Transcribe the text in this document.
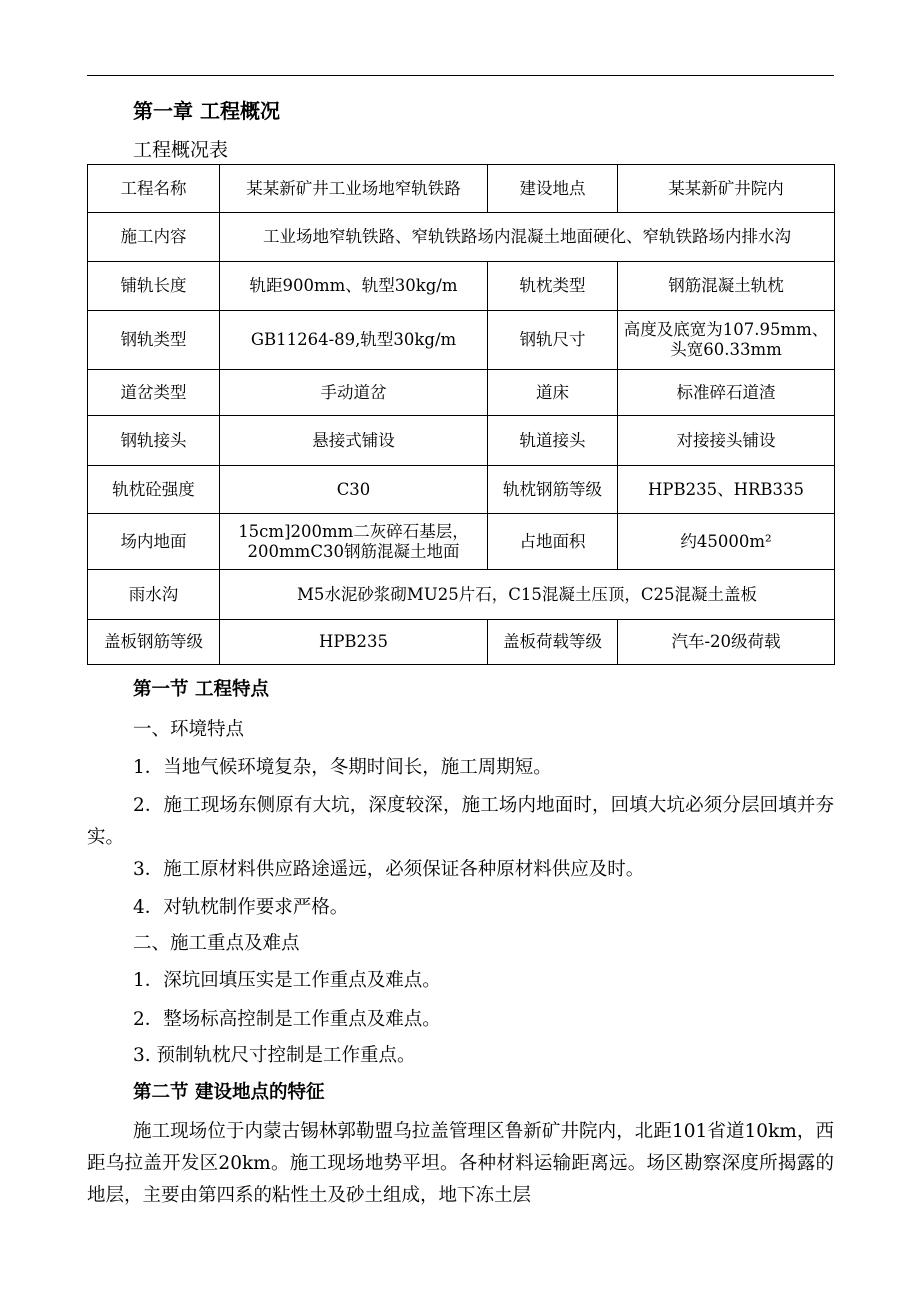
第一章 工程概况
工程概况表
工程名称	某某新矿井工业场地窄轨铁路	建设地点	某某新矿井院内
施工内容	工业场地窄轨铁路、窄轨铁路场内混凝土地面硬化、窄轨铁路场内排水沟		
铺轨长度	轨距900mm、轨型30kg/m	轨枕类型	钢筋混凝土轨枕
钢轨类型	GB11264-89,轨型30kg/m	钢轨尺寸	高度及底宽为107.95mm、
头宽60.33mm

道岔类型	手动道岔	道床	标准碎石道渣
钢轨接头	悬接式铺设	轨道接头	对接接头铺设
轨枕砼强度	C30	轨枕钢筋等级	HPB235、HRB335
场内地面	15cm]200mm二灰碎石基层，
200mmC30钢筋混凝土地面	占地面积	约45000m²
雨水沟	M5水泥砂浆砌MU25片石，C15混凝土压顶，C25混凝土盖板		
盖板钢筋等级	HPB235	盖板荷载等级	汽车-20级荷载
第一节 工程特点
一、环境特点
1．当地气候环境复杂，冬期时间长，施工周期短。
2．施工现场东侧原有大坑，深度较深，施工场内地面时，回填大坑必须分层回填并夯实。
3．施工原材料供应路途遥远，必须保证各种原材料供应及时。
4．对轨枕制作要求严格。
二、施工重点及难点
1．深坑回填压实是工作重点及难点。
2．整场标高控制是工作重点及难点。
3. 预制轨枕尺寸控制是工作重点。
第二节 建设地点的特征
施工现场位于内蒙古锡林郭勒盟乌拉盖管理区鲁新矿井院内，北距101省道10km，西距乌拉盖开发区20km。施工现场地势平坦。各种材料运输距离远。场区勘察深度所揭露的地层，主要由第四系的粘性土及砂土组成，地下冻土层
